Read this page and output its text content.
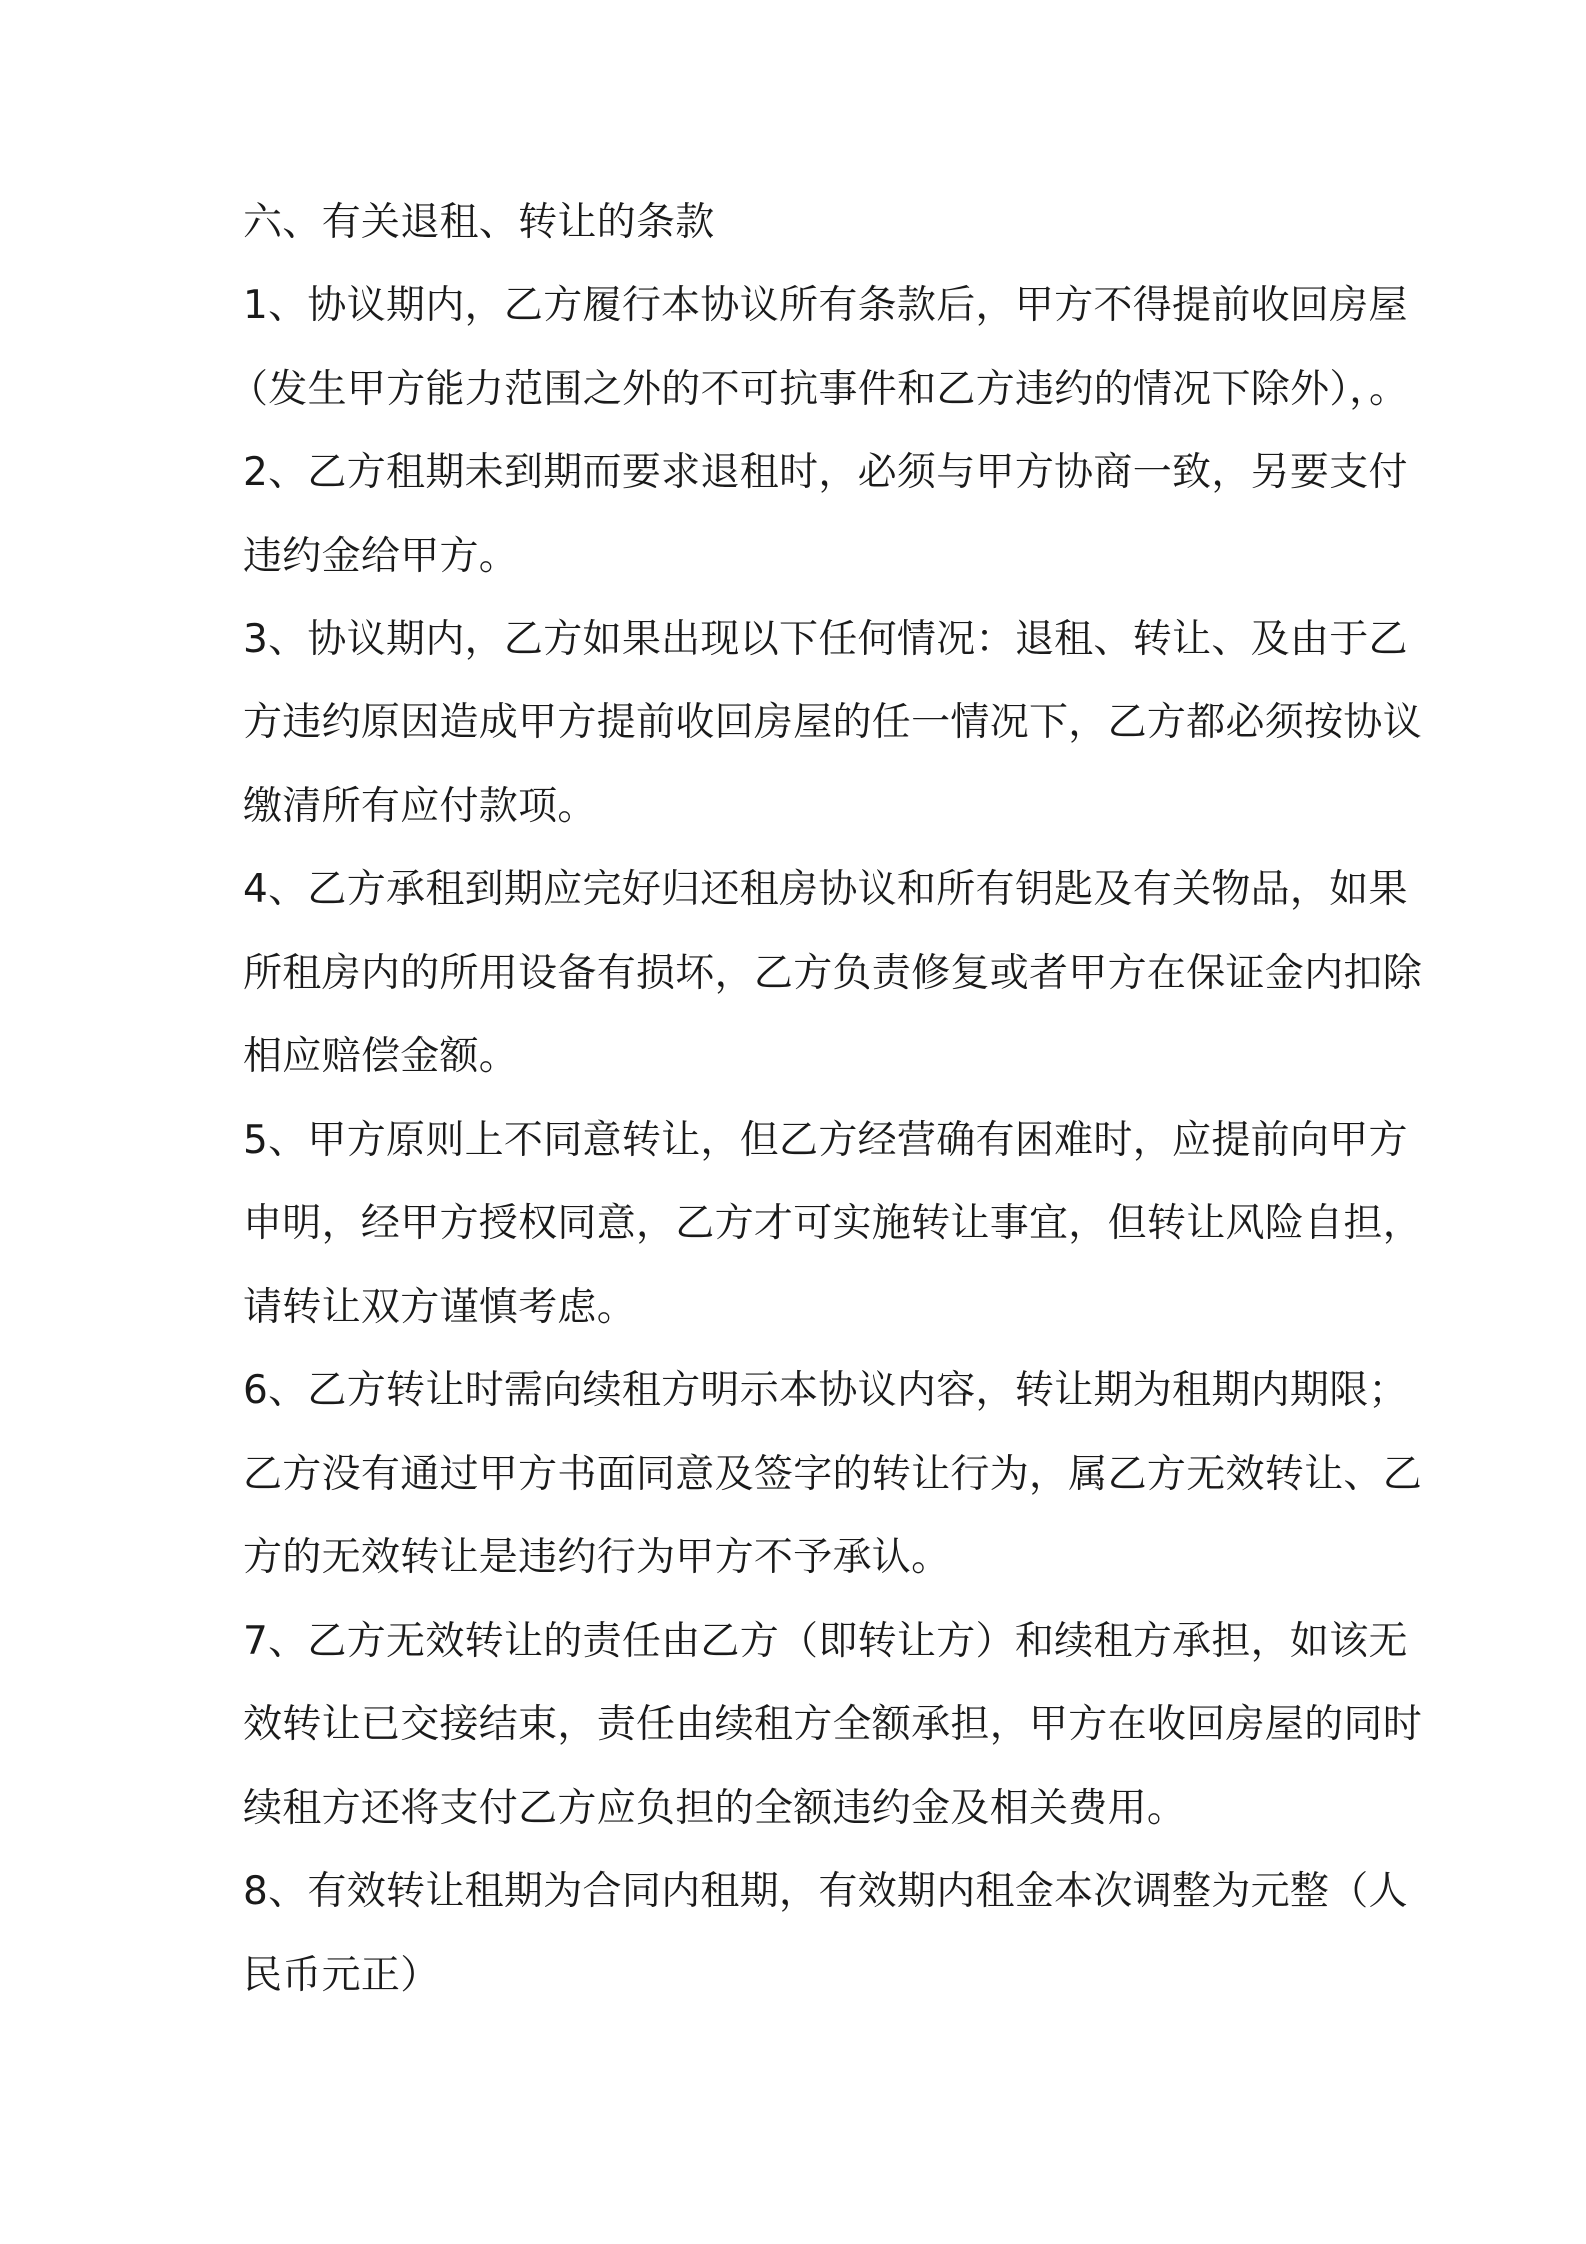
六、有关退租、转让的条款
1、协议期内，乙方履行本协议所有条款后，甲方不得提前收回房屋
（发生甲方能力范围之外的不可抗事件和乙方违约的情况下除外），。
2、乙方租期未到期而要求退租时，必须与甲方协商一致，另要支付
违约金给甲方。
3、协议期内，乙方如果出现以下任何情况：退租、转让、及由于乙
方违约原因造成甲方提前收回房屋的任一情况下，乙方都必须按协议
缴清所有应付款项。
4、乙方承租到期应完好归还租房协议和所有钥匙及有关物品，如果
所租房内的所用设备有损坏，乙方负责修复或者甲方在保证金内扣除
相应赔偿金额。
5、甲方原则上不同意转让，但乙方经营确有困难时，应提前向甲方
申明，经甲方授权同意，乙方才可实施转让事宜，但转让风险自担，
请转让双方谨慎考虑。
6、乙方转让时需向续租方明示本协议内容，转让期为租期内期限；
乙方没有通过甲方书面同意及签字的转让行为，属乙方无效转让、乙
方的无效转让是违约行为甲方不予承认。
7、乙方无效转让的责任由乙方（即转让方）和续租方承担，如该无
效转让已交接结束，责任由续租方全额承担，甲方在收回房屋的同时
续租方还将支付乙方应负担的全额违约金及相关费用。
8、有效转让租期为合同内租期，有效期内租金本次调整为元整（人
民币元正）
